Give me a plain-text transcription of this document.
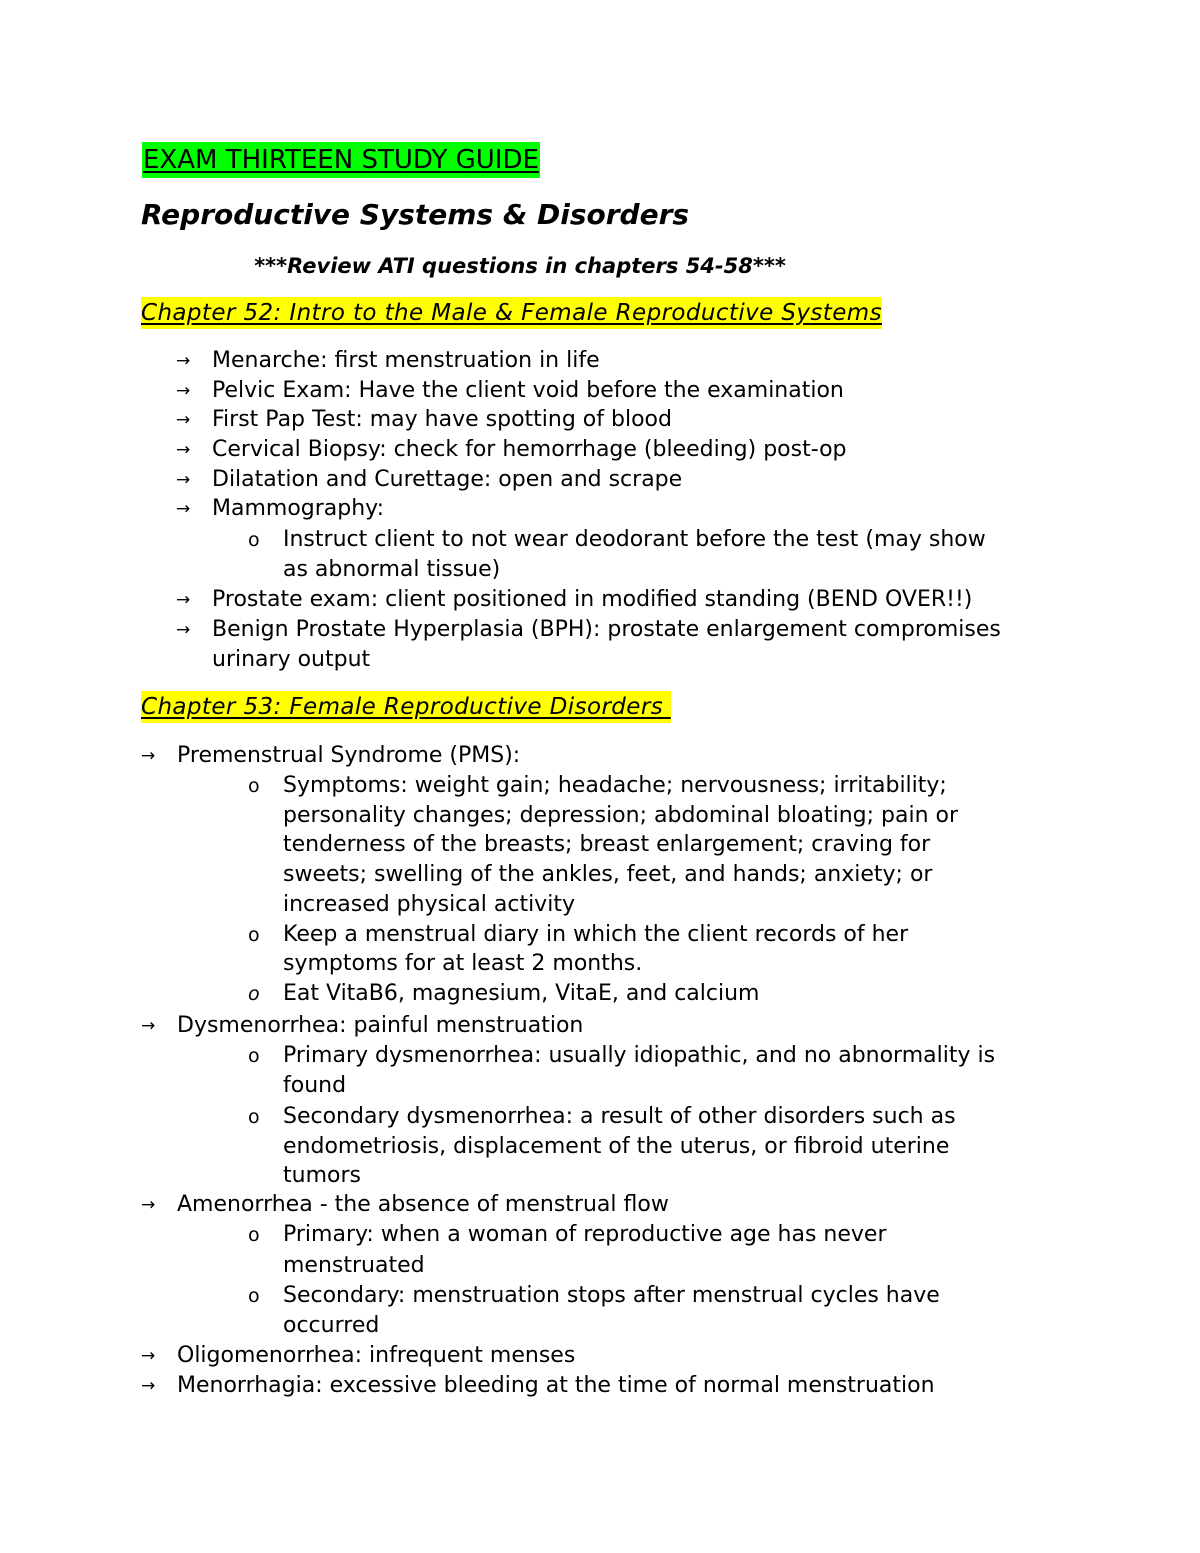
EXAM THIRTEEN STUDY GUIDE
Reproductive Systems & Disorders
***Review ATI questions in chapters 54-58***
Chapter 52: Intro to the Male & Female Reproductive Systems
→ Menarche: first menstruation in life
→ Pelvic Exam: Have the client void before the examination
→ First Pap Test: may have spotting of blood
→ Cervical Biopsy: check for hemorrhage (bleeding) post-op
→ Dilatation and Curettage: open and scrape
→ Mammography:
o Instruct client to not wear deodorant before the test (may show
as abnormal tissue)
→ Prostate exam: client positioned in modified standing (BEND OVER!!)
→ Benign Prostate Hyperplasia (BPH): prostate enlargement compromises
urinary output
Chapter 53: Female Reproductive Disorders
→ Premenstrual Syndrome (PMS):
o Symptoms: weight gain; headache; nervousness; irritability;
personality changes; depression; abdominal bloating; pain or
tenderness of the breasts; breast enlargement; craving for
sweets; swelling of the ankles, feet, and hands; anxiety; or
increased physical activity
o Keep a menstrual diary in which the client records of her
symptoms for at least 2 months.
o Eat VitaB6, magnesium, VitaE, and calcium
→ Dysmenorrhea: painful menstruation
o Primary dysmenorrhea: usually idiopathic, and no abnormality is
found
o Secondary dysmenorrhea: a result of other disorders such as
endometriosis, displacement of the uterus, or fibroid uterine
tumors
→ Amenorrhea - the absence of menstrual flow
o Primary: when a woman of reproductive age has never
menstruated
o Secondary: menstruation stops after menstrual cycles have
occurred
→ Oligomenorrhea: infrequent menses
→ Menorrhagia: excessive bleeding at the time of normal menstruation
